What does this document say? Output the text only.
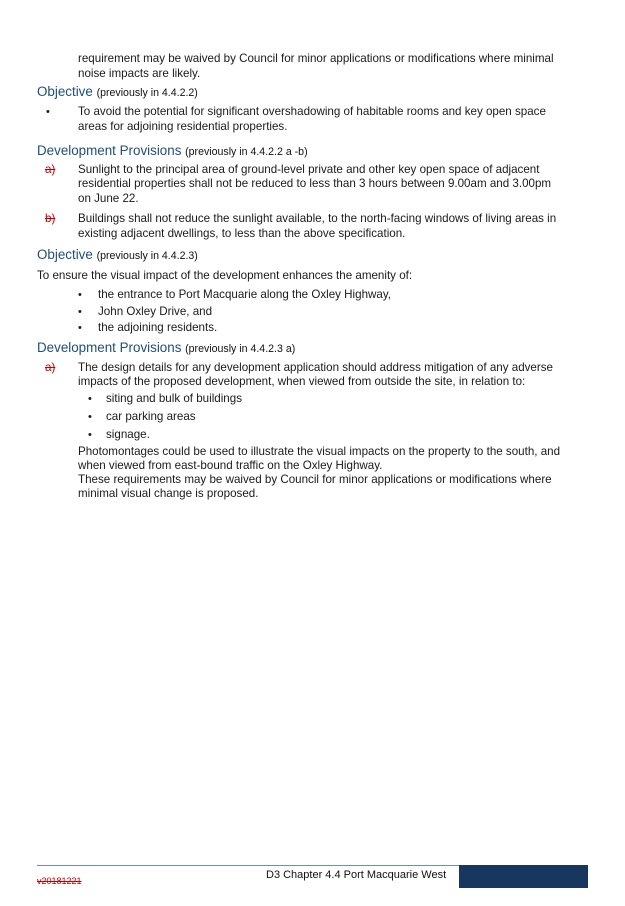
requirement may be waived by Council for minor applications or modifications where minimal

noise impacts are likely.

Objective (previously in 4.4.2.2)
• To avoid the potential for significant overshadowing of habitable rooms and key open space

areas for adjoining residential properties.

Development Provisions (previously in 4.4.2.2 a -b)
a) Sunlight to the principal area of ground-level private and other key open space of adjacent

residential properties shall not be reduced to less than 3 hours between 9.00am and 3.00pm

on June 22.

b) Buildings shall not reduce the sunlight available, to the north-facing windows of living areas in

existing adjacent dwellings, to less than the above specification.

Objective (previously in 4.4.2.3)

To ensure the visual impact of the development enhances the amenity of:

• the entrance to Port Macquarie along the Oxley Highway,

• John Oxley Drive, and

• the adjoining residents.

Development Provisions (previously in 4.4.2.3 a)
a) The design details for any development application should address mitigation of any adverse

impacts of the proposed development, when viewed from outside the site, in relation to:

• siting and bulk of buildings

• car parking areas

• signage.

Photomontages could be used to illustrate the visual impacts on the property to the south, and

when viewed from east-bound traffic on the Oxley Highway.

These requirements may be waived by Council for minor applications or modifications where

minimal visual change is proposed.

D3 Chapter 4.4 Port Macquarie West
v20181221
